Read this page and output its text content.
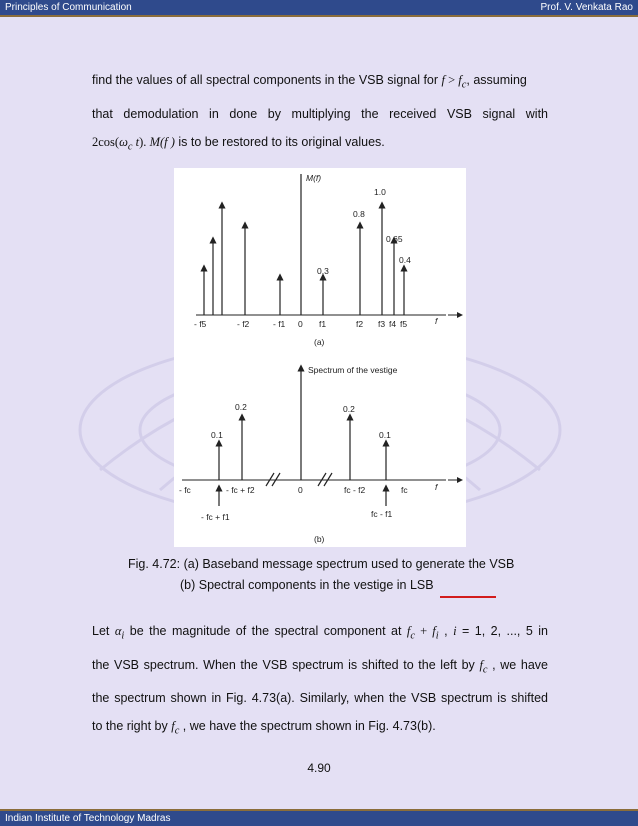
Principles of Communication	Prof. V. Venkata Rao
find the values of all spectral components in the VSB signal for $f > f_c$, assuming
that demodulation in done by multiplying the received VSB signal with
$2\cos(\omega_c$ t). M(f ) is to be restored to its original values.
f
M(f)
0.3
0.8
1.0
0.65
0.4
- f5	- f2	- f1 0 f1	f2 f3 f4 f5
(a)
f
Spectrum of the vestige
0.1
0.2	0.2
0.1
- fc	- fc + f2	0	fc - f2	fc
- fc + f1	fc - f1
(b)
Fig. 4.72: (a) Baseband message spectrum used to generate the VSB
(b) Spectral components in the vestige in LSB
Let $\alpha_i$ be the magnitude of the spectral component at $f_c + f_i$ , i = 1, 2, ..., 5 in
the VSB spectrum. When the VSB spectrum is shifted to the left by $f_c$ , we have
the spectrum shown in Fig. 4.73(a). Similarly, when the VSB spectrum is shifted
to the right by $f_c$ , we have the spectrum shown in Fig. 4.73(b).
4.90
Indian Institute of Technology Madras
